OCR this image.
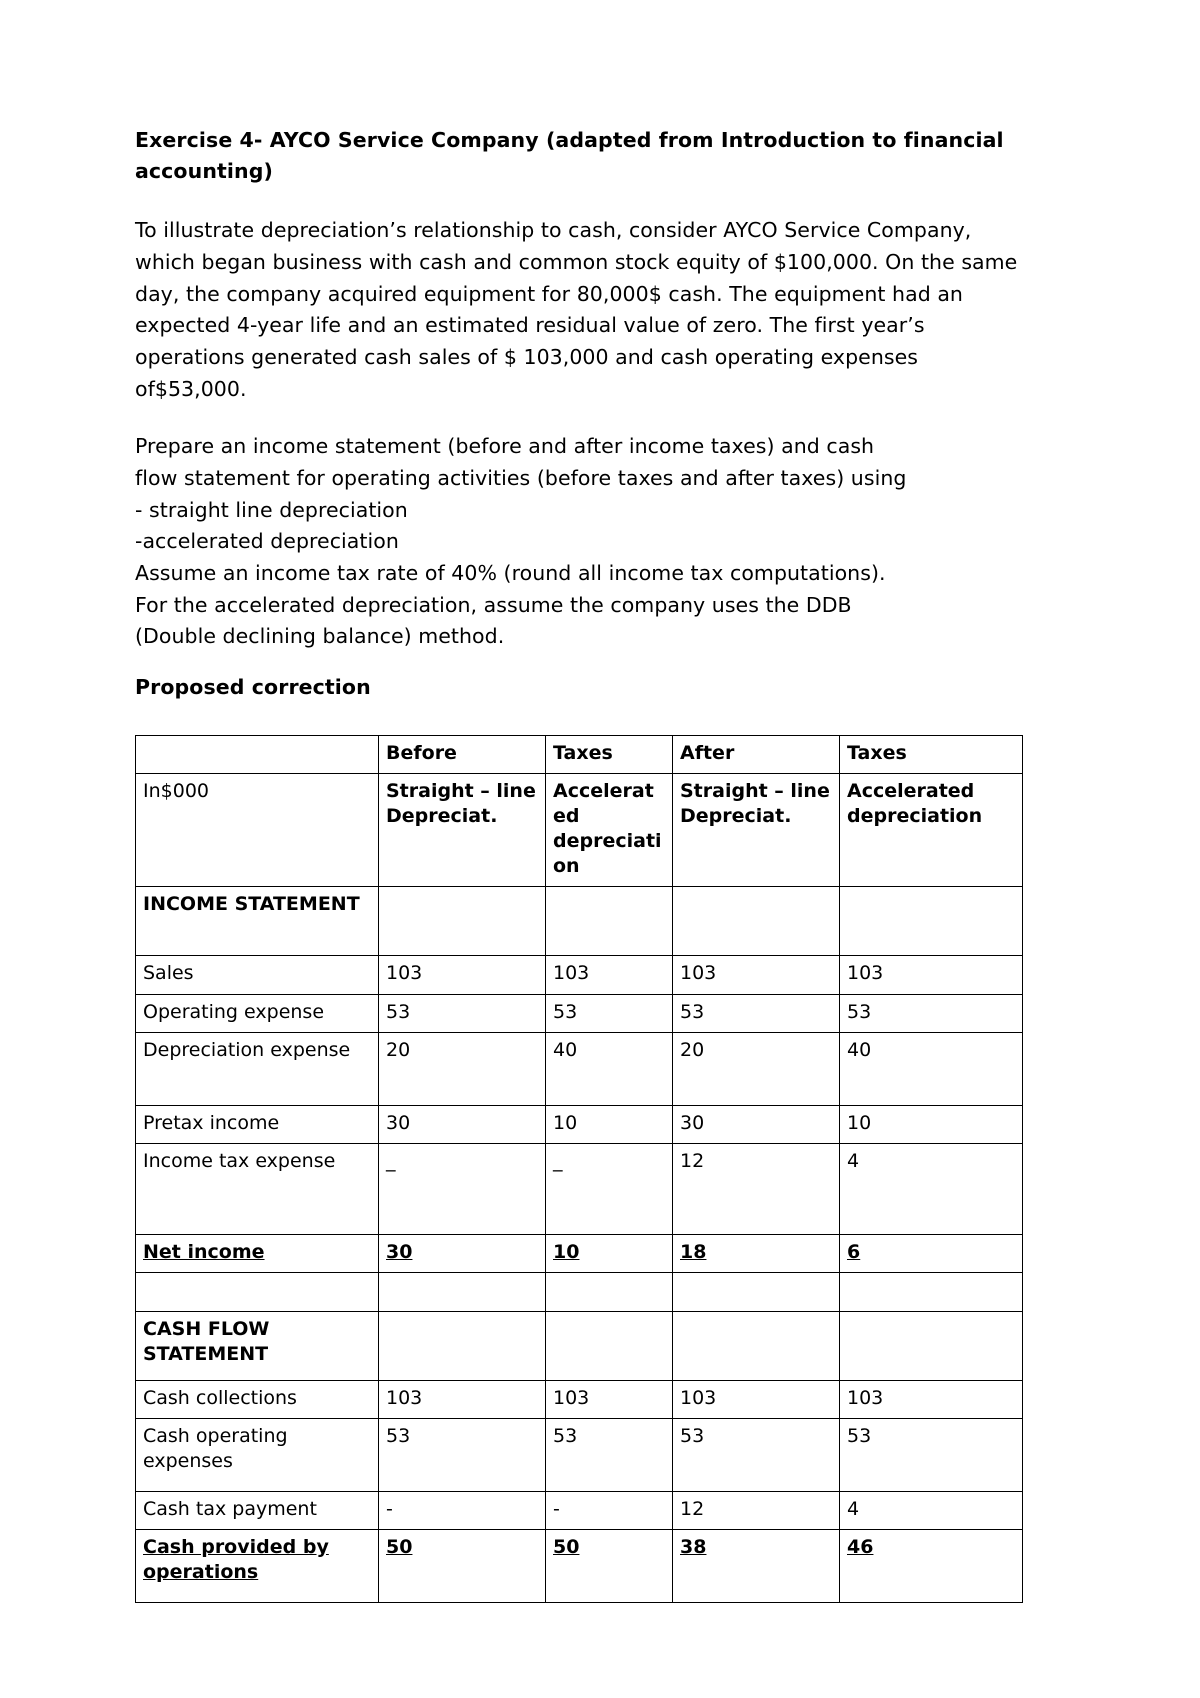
Exercise 4- AYCO Service Company (adapted from Introduction to financial accounting)
To illustrate depreciation’s relationship to cash, consider AYCO Service Company, which began business with cash and common stock equity of $100,000. On the same day, the company acquired equipment for 80,000$ cash. The equipment had an expected 4-year life and an estimated residual value of zero. The first year’s operations generated cash sales of $ 103,000 and cash operating expenses of$53,000.
Prepare an income statement (before and after income taxes) and cash
flow statement for operating activities (before taxes and after taxes) using
- straight line depreciation
-accelerated depreciation
Assume an income tax rate of 40% (round all income tax computations).
For the accelerated depreciation, assume the company uses the DDB
(Double declining balance) method.
Proposed correction
	Before	Taxes	After	Taxes
In$000	Straight – line Depreciat.	Accelerated depreciation	Straight – line Depreciat.	Accelerated depreciation
INCOME STATEMENT				
Sales	103	103	103	103
Operating expense	53	53	53	53
Depreciation expense	20	40	20	40
Pretax income	30	10	30	10
Income tax expense	_	_	12	4
Net income	30	10	18	6

CASH FLOW STATEMENT				
Cash collections	103	103	103	103
Cash operating expenses	53	53	53	53
Cash tax payment	-	-	12	4
Cash provided by operations	50	50	38	46
